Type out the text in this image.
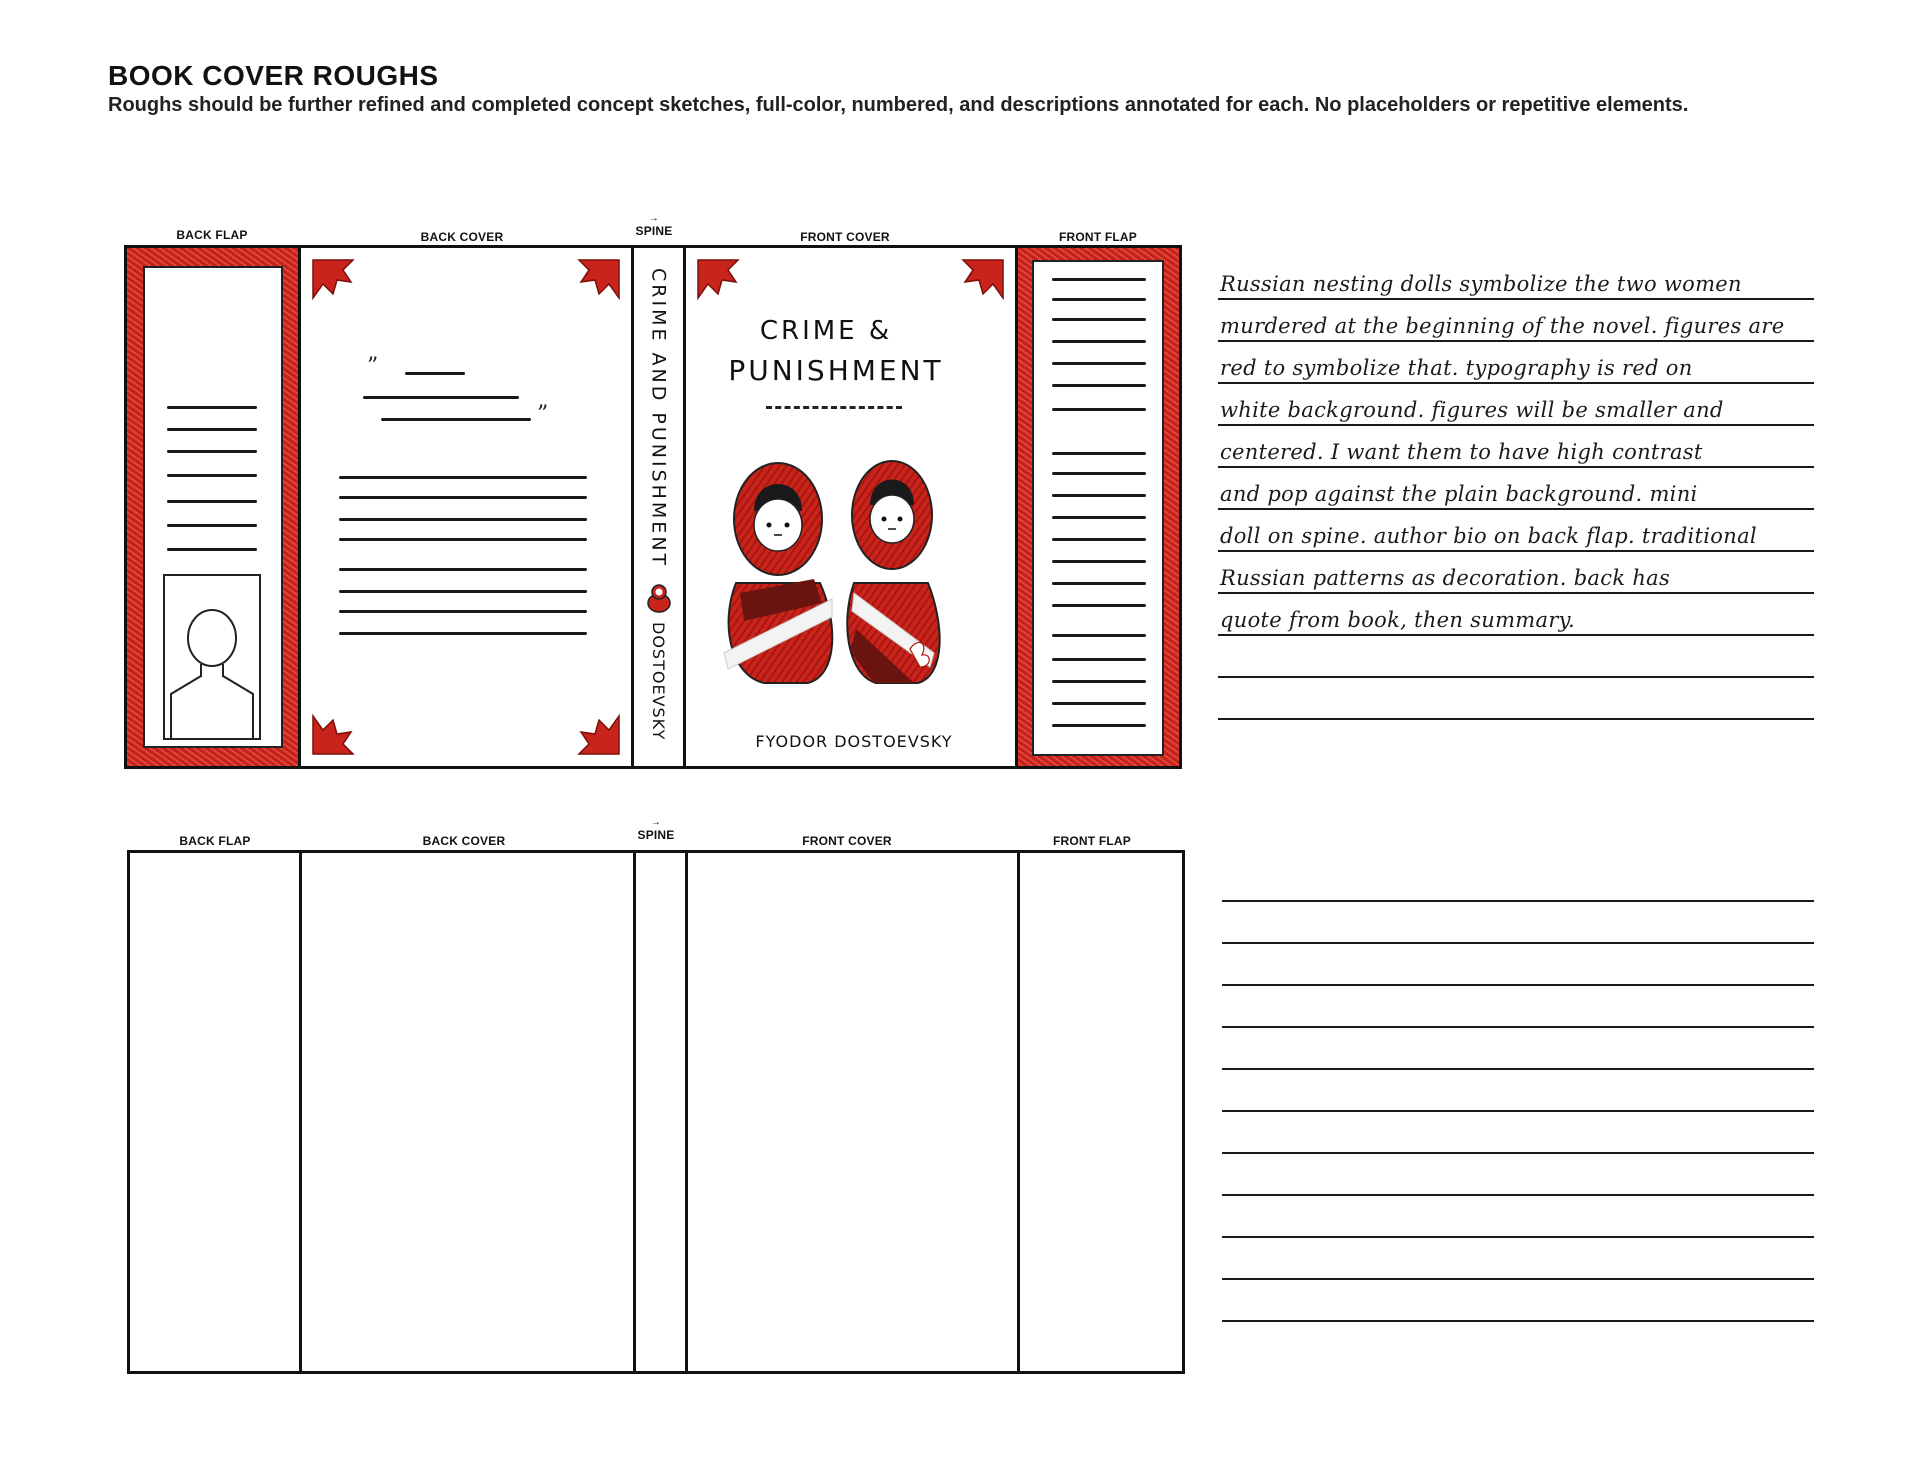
BOOK COVER ROUGHS

Roughs should be further refined and completed concept sketches, full-color, numbered, and descriptions annotated for each. No placeholders or repetitive elements.

BACK FLAP	BACK COVER
→
SPINE	FRONT COVER	FRONT FLAP
”
”	CRIME AND PUNISHMENT
DOSTOEVSKY
CRIME &
PUNISHMENT
FYODOR DOSTOEVSKY
Russian nesting dolls symbolize the two women
murdered at the beginning of the novel. figures are
red to symbolize that. typography is red on
white background. figures will be smaller and
centered. I want them to have high contrast
and pop against the plain background. mini
doll on spine. author bio on back flap. traditional
Russian patterns as decoration. back has
quote from book, then summary.
BACK FLAP	BACK COVER
→
SPINE	FRONT COVER	FRONT FLAP
